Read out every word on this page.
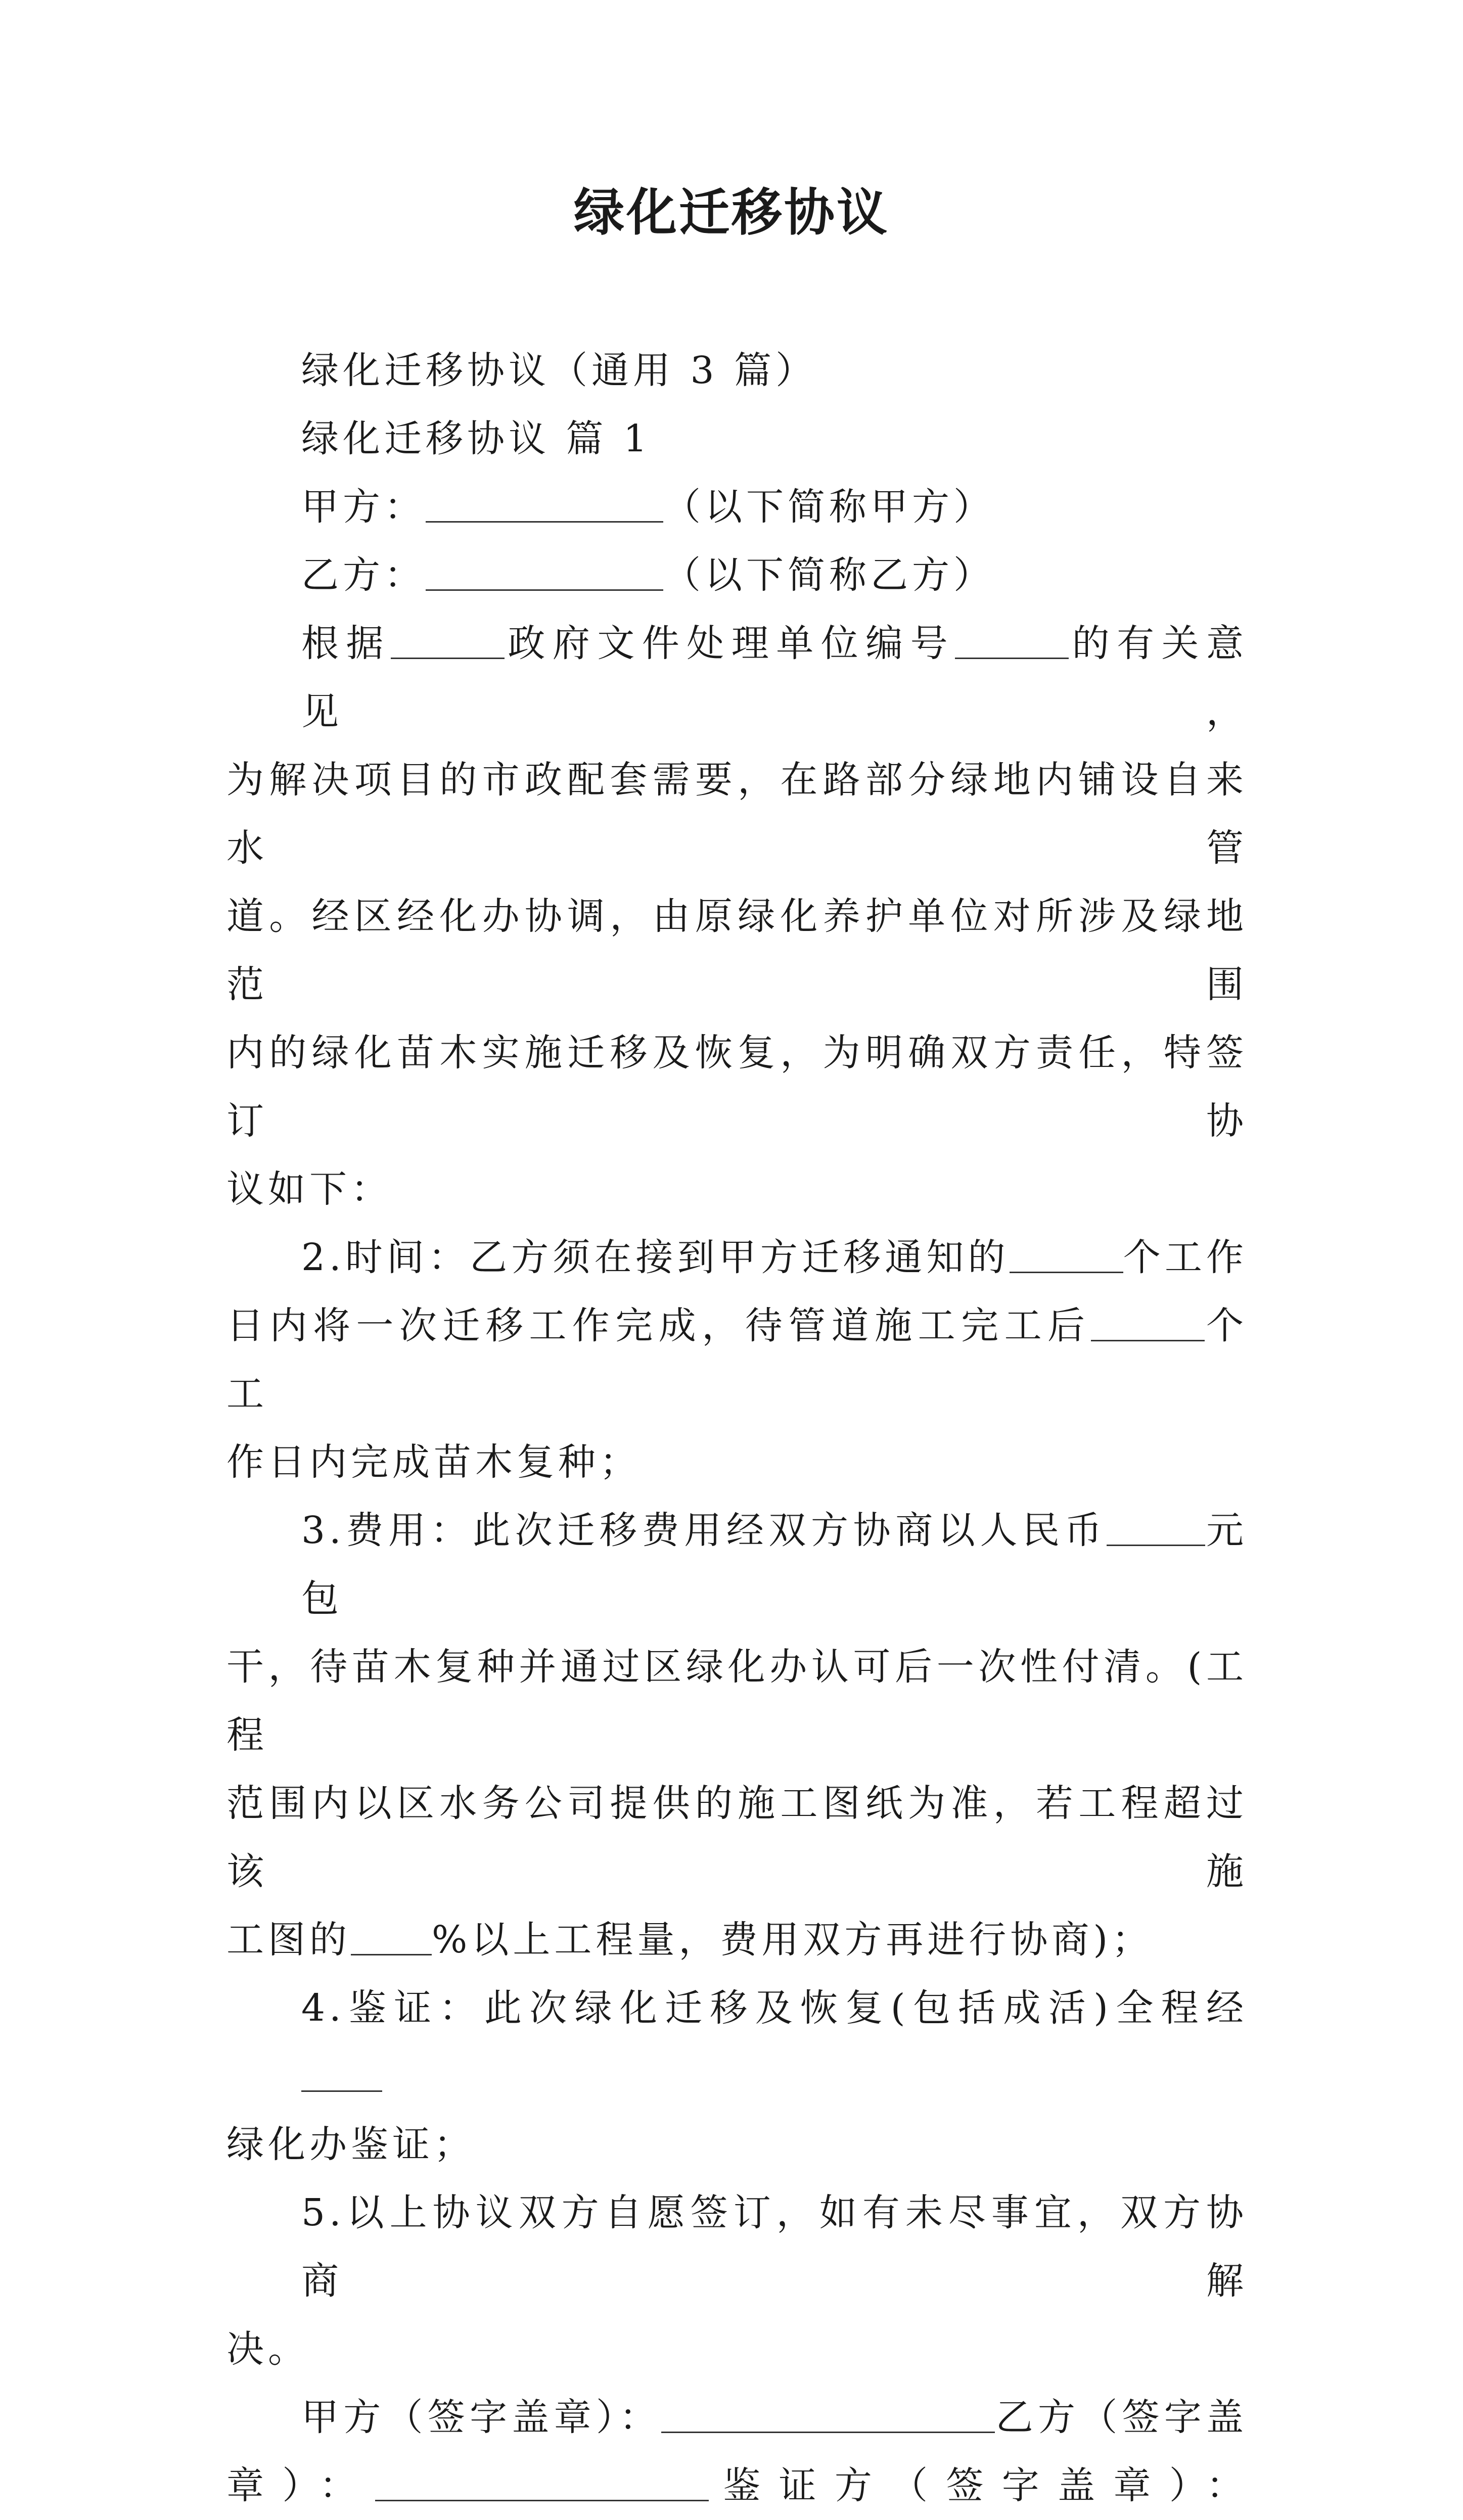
绿化迁移协议

绿化迁移协议（通用 3 篇）

绿化迁移协议 篇 1

甲方：	（以下简称甲方）

乙方：	（以下简称乙方）

根据	政府文件处理单位编号	的有关意见，

为解决项目的市政配套需要，在路部分绿地内铺设自来水管

道。经区经化办协调，由原绿化养护单位对所涉及绿地范围

内的绿化苗木实施迁移及恢复，为明确双方责任，特签订协

议如下：

2.时间：乙方须在接到甲方迁移通知的	个工作

日内将一次迁移工作完成，待管道施工完工后	个工

作日内完成苗木复种；

3.费用：此次迁移费用经双方协商以人民币	元包

干，待苗木复种并通过区绿化办认可后一次性付清。(工程

范围内以区水务公司提供的施工图纸为准，若工程超过该施

工图的 %以上工程量，费用双方再进行协商)；

4.鉴证：此次绿化迁移及恢复(包括成活)全程经

绿化办鉴证；

5.以上协议双方自愿签订，如有未尽事宜，双方协商解

决。

甲方（签字盖章）：	乙方（签字盖

章）：	鉴证方（签字盖章）：
